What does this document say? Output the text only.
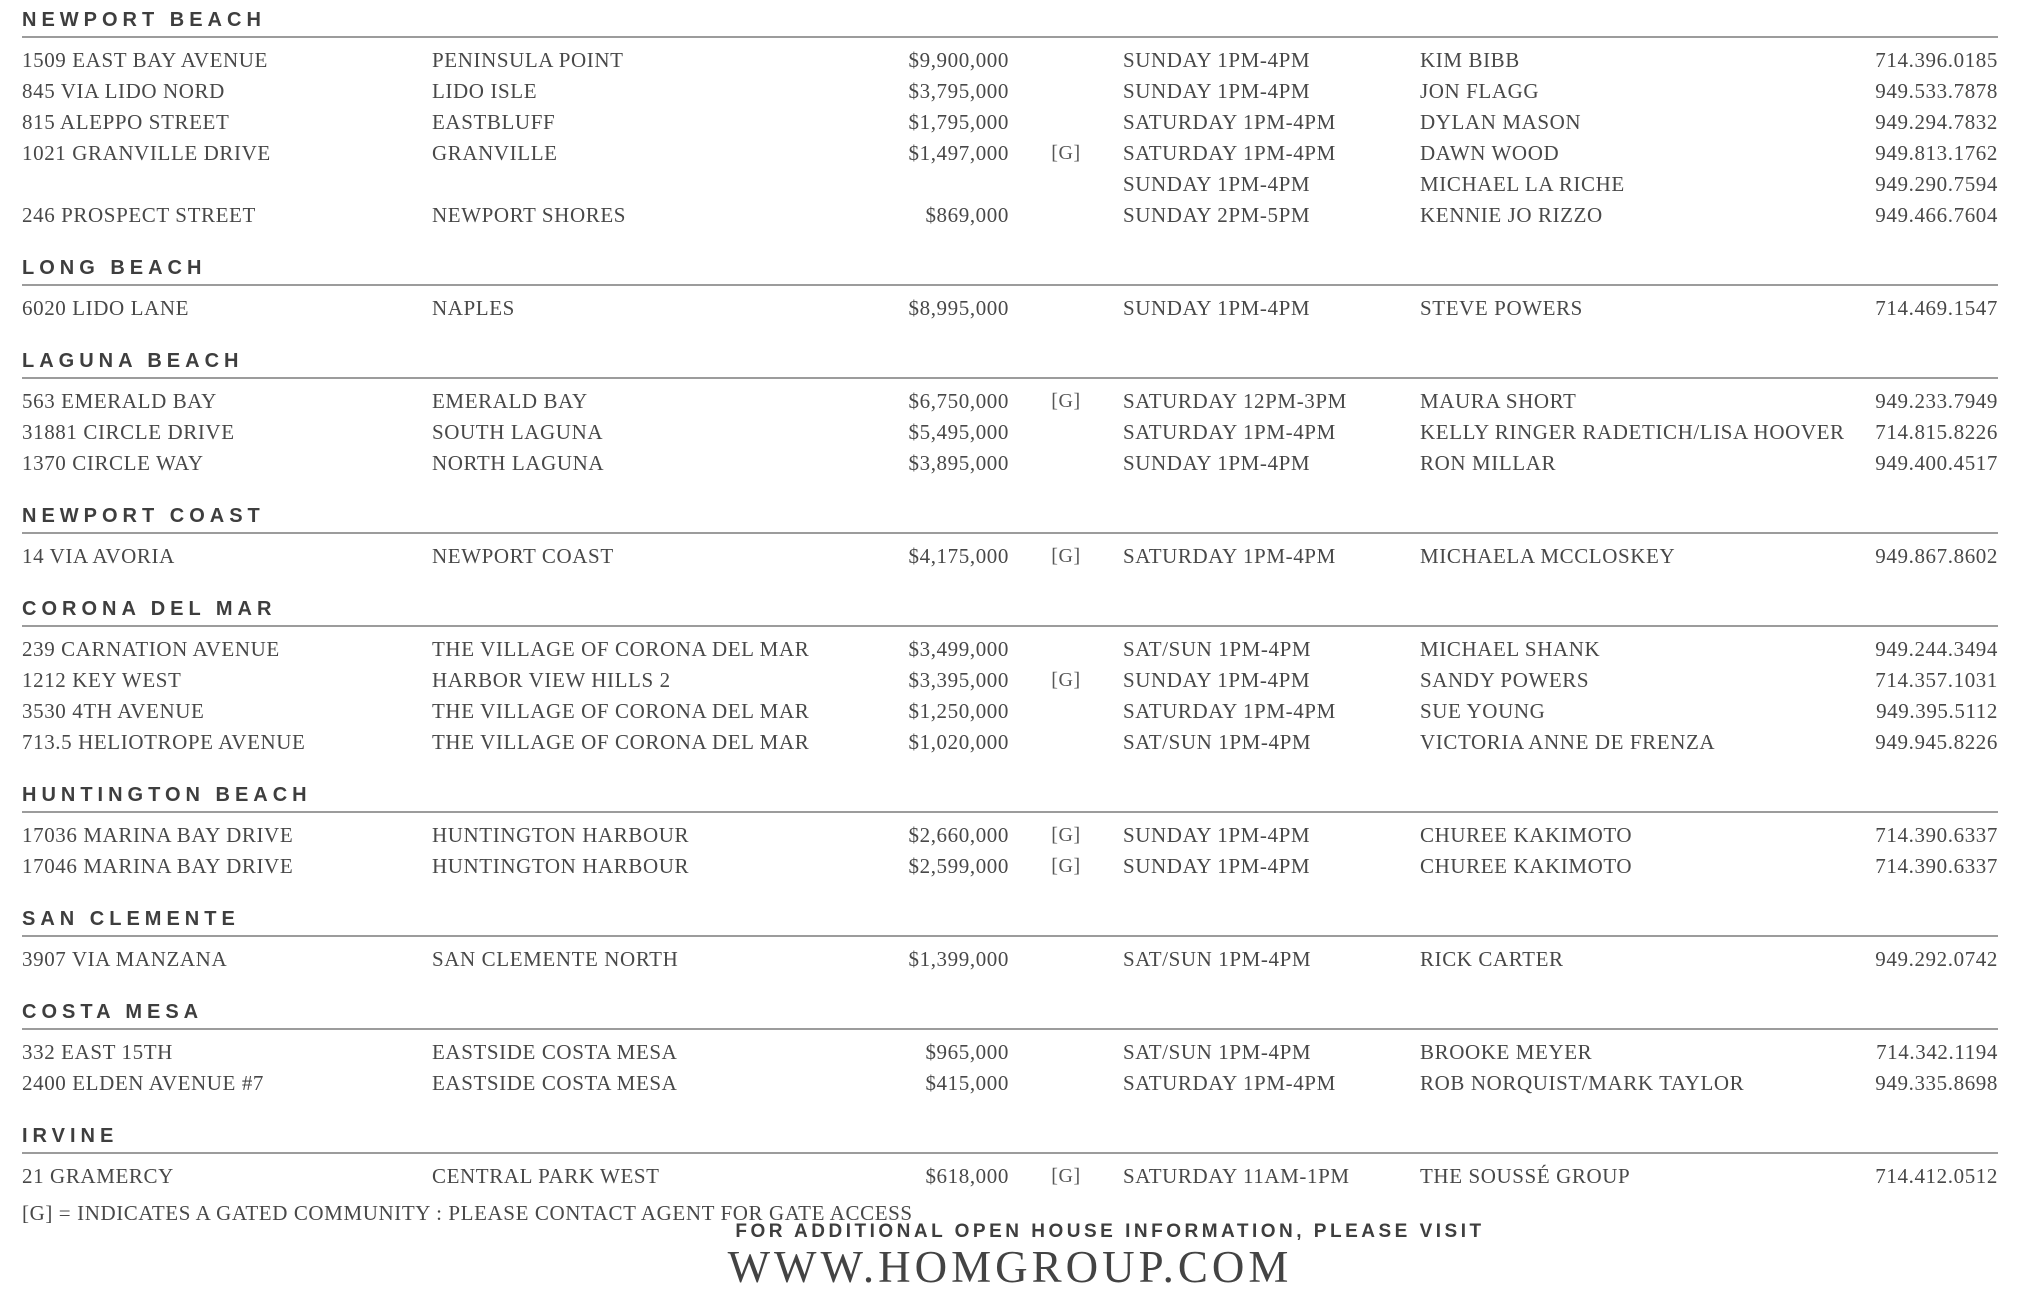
NEWPORT BEACH
1509 EAST BAY AVENUE	PENINSULA POINT	$9,900,000	SUNDAY 1PM-4PM	KIM BIBB	714.396.0185
845 VIA LIDO NORD	LIDO ISLE	$3,795,000	SUNDAY 1PM-4PM	JON FLAGG	949.533.7878
815 ALEPPO STREET	EASTBLUFF	$1,795,000	SATURDAY 1PM-4PM	DYLAN MASON	949.294.7832
1021 GRANVILLE DRIVE	GRANVILLE	$1,497,000	[G]	SATURDAY 1PM-4PM	DAWN WOOD	949.813.1762
SUNDAY 1PM-4PM	MICHAEL LA RICHE	949.290.7594
246 PROSPECT STREET	NEWPORT SHORES	$869,000	SUNDAY 2PM-5PM	KENNIE JO RIZZO	949.466.7604
LONG BEACH
6020 LIDO LANE	NAPLES	$8,995,000	SUNDAY 1PM-4PM	STEVE POWERS	714.469.1547
LAGUNA BEACH
563 EMERALD BAY	EMERALD BAY	$6,750,000	[G]	SATURDAY 12PM-3PM	MAURA SHORT	949.233.7949
31881 CIRCLE DRIVE	SOUTH LAGUNA	$5,495,000	SATURDAY 1PM-4PM	KELLY RINGER RADETICH/LISA HOOVER	714.815.8226
1370 CIRCLE WAY	NORTH LAGUNA	$3,895,000	SUNDAY 1PM-4PM	RON MILLAR	949.400.4517
NEWPORT COAST
14 VIA AVORIA	NEWPORT COAST	$4,175,000	[G]	SATURDAY 1PM-4PM	MICHAELA MCCLOSKEY	949.867.8602
CORONA DEL MAR
239 CARNATION AVENUE	THE VILLAGE OF CORONA DEL MAR	$3,499,000	SAT/SUN 1PM-4PM	MICHAEL SHANK	949.244.3494
1212 KEY WEST	HARBOR VIEW HILLS 2	$3,395,000	[G]	SUNDAY 1PM-4PM	SANDY POWERS	714.357.1031
3530 4TH AVENUE	THE VILLAGE OF CORONA DEL MAR	$1,250,000	SATURDAY 1PM-4PM	SUE YOUNG	949.395.5112
713.5 HELIOTROPE AVENUE	THE VILLAGE OF CORONA DEL MAR	$1,020,000	SAT/SUN 1PM-4PM	VICTORIA ANNE DE FRENZA	949.945.8226
HUNTINGTON BEACH
17036 MARINA BAY DRIVE	HUNTINGTON HARBOUR	$2,660,000	[G]	SUNDAY 1PM-4PM	CHUREE KAKIMOTO	714.390.6337
17046 MARINA BAY DRIVE	HUNTINGTON HARBOUR	$2,599,000	[G]	SUNDAY 1PM-4PM	CHUREE KAKIMOTO	714.390.6337
SAN CLEMENTE
3907 VIA MANZANA	SAN CLEMENTE NORTH	$1,399,000	SAT/SUN 1PM-4PM	RICK CARTER	949.292.0742
COSTA MESA
332 EAST 15TH	EASTSIDE COSTA MESA	$965,000	SAT/SUN 1PM-4PM	BROOKE MEYER	714.342.1194
2400 ELDEN AVENUE #7	EASTSIDE COSTA MESA	$415,000	SATURDAY 1PM-4PM	ROB NORQUIST/MARK TAYLOR	949.335.8698
IRVINE
21 GRAMERCY	CENTRAL PARK WEST	$618,000	[G]	SATURDAY 11AM-1PM	THE SOUSSÉ GROUP	714.412.0512
[G] = INDICATES A GATED COMMUNITY : PLEASE CONTACT AGENT FOR GATE ACCESS
FOR ADDITIONAL OPEN HOUSE INFORMATION, PLEASE VISIT
WWW.HOMGROUP.COM
